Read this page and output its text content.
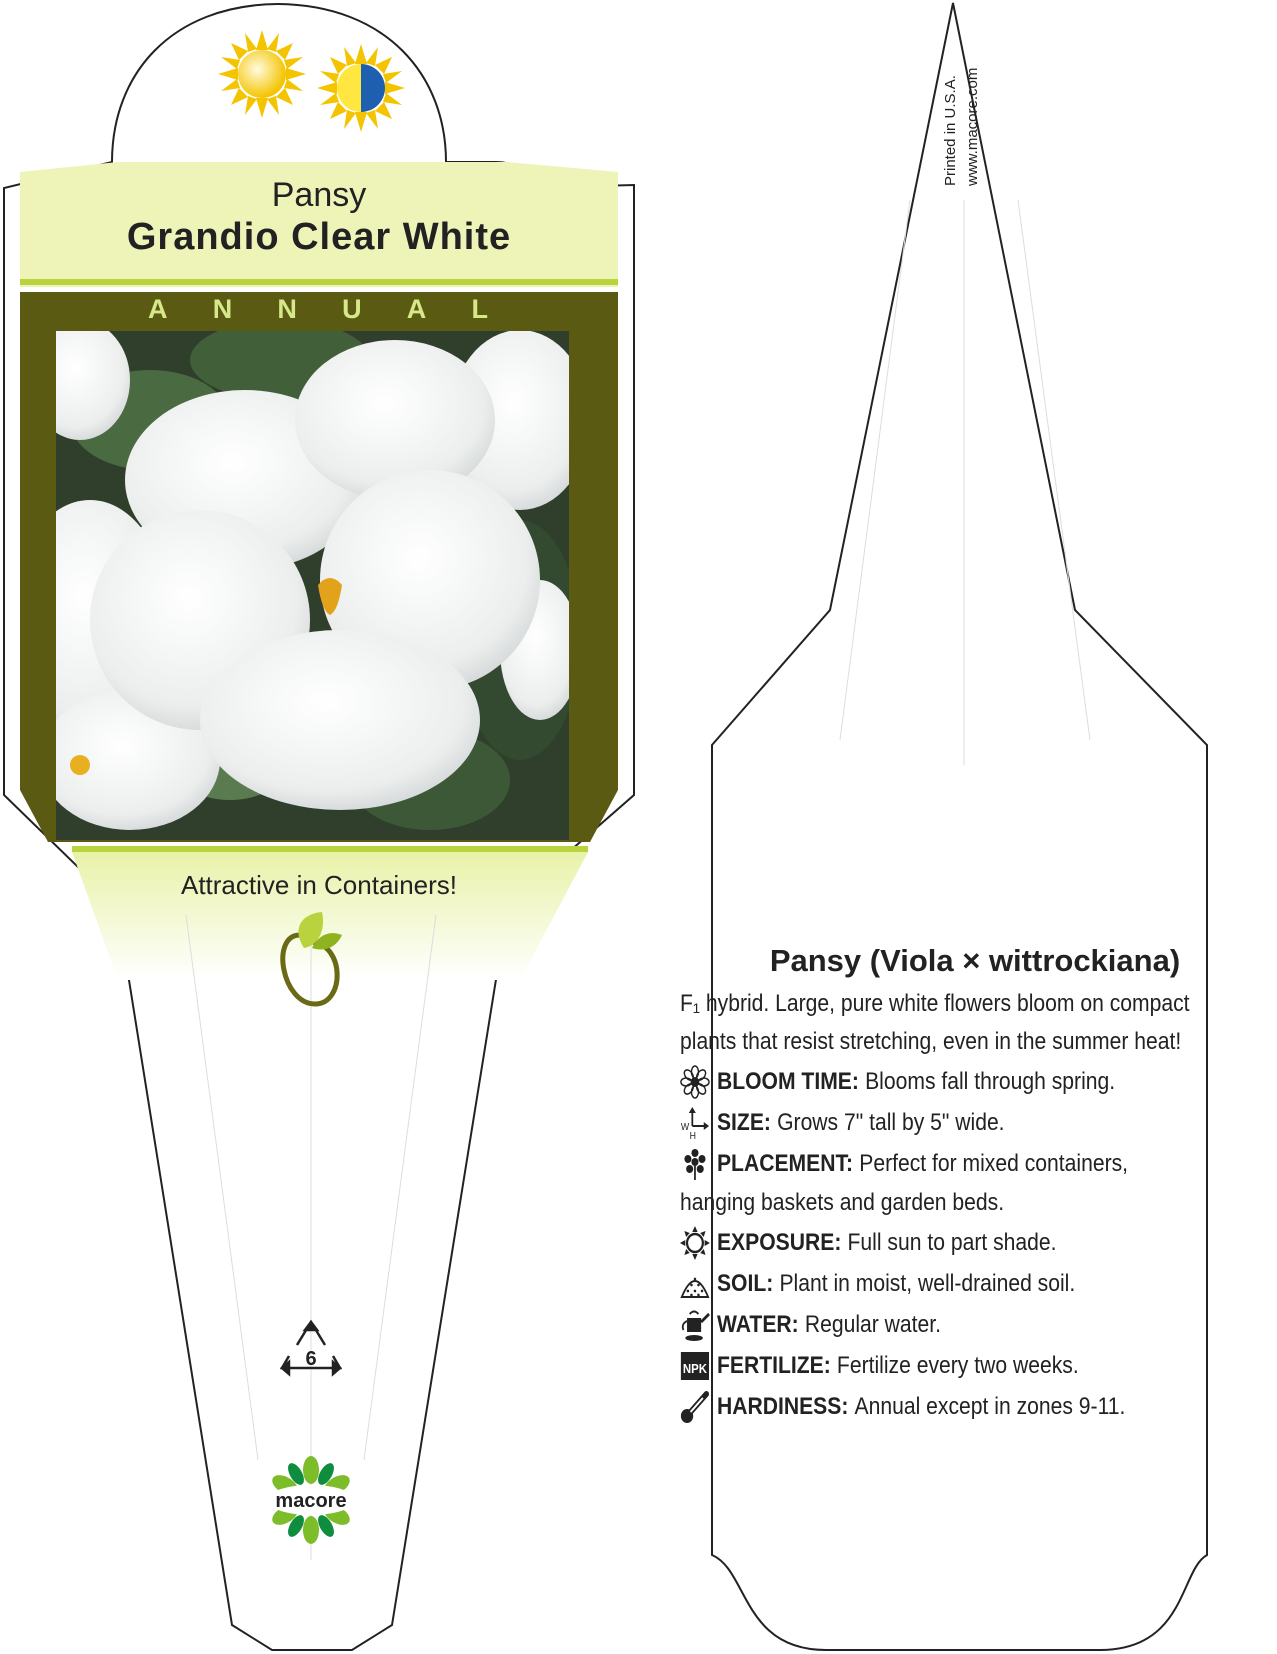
Pansy
Grandio Clear White
A N N U A L
Attractive in Containers!
6
macore
Printed in U.S.A. www.macore.com
Pansy (Viola × wittrockiana)
F₁ hybrid. Large, pure white flowers bloom on compact
plants that resist stretching, even in the summer heat!
BLOOM TIME: Blooms fall through spring.
W
H SIZE: Grows 7" tall by 5" wide.
PLACEMENT: Perfect for mixed containers,
hanging baskets and garden beds.
EXPOSURE: Full sun to part shade.
SOIL: Plant in moist, well-drained soil.
WATER: Regular water.
NPK FERTILIZE: Fertilize every two weeks.
HARDINESS: Annual except in zones 9-11.
